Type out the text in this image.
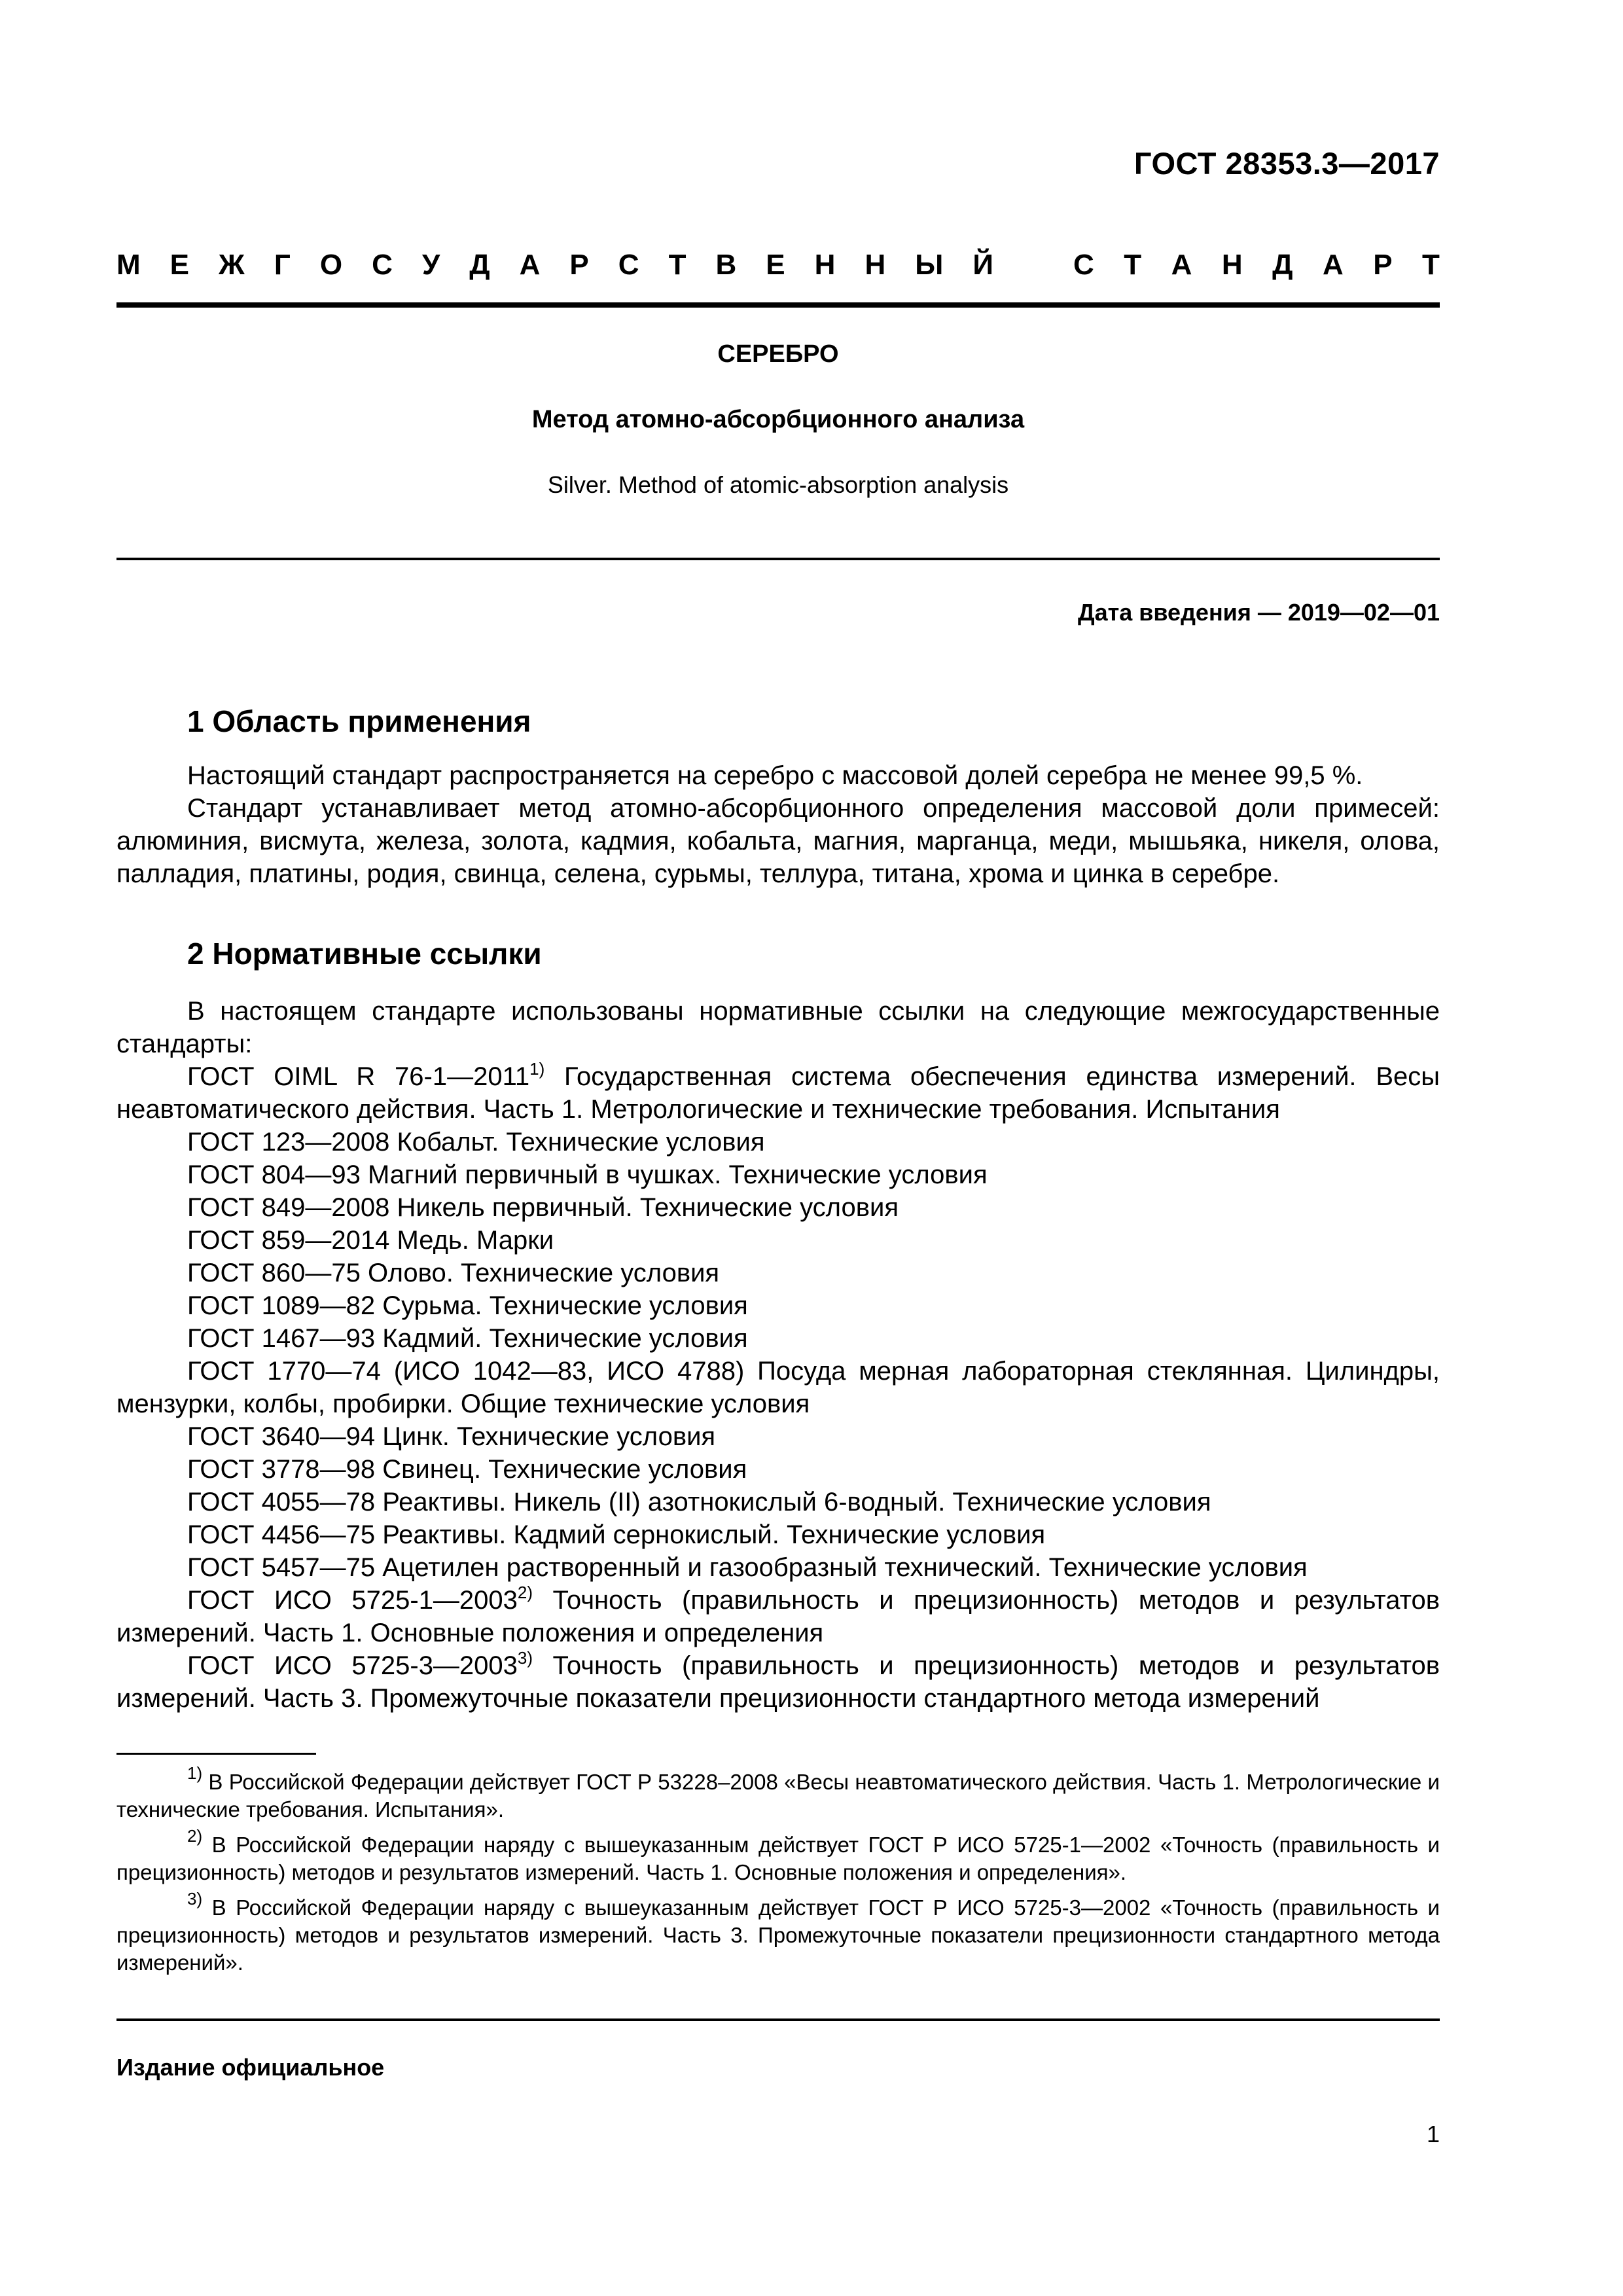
ГОСТ 28353.3—2017
М Е Ж Г О С У Д А Р С Т В Е Н Н Ы Й	С Т А Н Д А Р Т
СЕРЕБРО
Метод атомно-абсорбционного анализа
Silver. Method of atomic-absorption analysis
Дата введения — 2019—02—01
1 Область применения

Настоящий стандарт распространяется на серебро с массовой долей серебра не менее 99,5 %.

Стандарт устанавливает метод атомно-абсорбционного определения массовой доли примесей: алюминия, висмута, железа, золота, кадмия, кобальта, магния, марганца, меди, мышьяка, никеля, олова, палладия, платины, родия, свинца, селена, сурьмы, теллура, титана, хрома и цинка в серебре.

2 Нормативные ссылки

В настоящем стандарте использованы нормативные ссылки на следующие межгосударственные стандарты:

ГОСТ OIML R 76-1—2011$^{1)}$ Государственная система обеспечения единства измерений. Весы неавтоматического действия. Часть 1. Метрологические и технические требования. Испытания

ГОСТ 123—2008 Кобальт. Технические условия

ГОСТ 804—93 Магний первичный в чушках. Технические условия

ГОСТ 849—2008 Никель первичный. Технические условия

ГОСТ 859—2014 Медь. Марки

ГОСТ 860—75 Олово. Технические условия

ГОСТ 1089—82 Сурьма. Технические условия

ГОСТ 1467—93 Кадмий. Технические условия

ГОСТ 1770—74 (ИСО 1042—83, ИСО 4788) Посуда мерная лабораторная стеклянная. Цилиндры, мензурки, колбы, пробирки. Общие технические условия

ГОСТ 3640—94 Цинк. Технические условия

ГОСТ 3778—98 Свинец. Технические условия

ГОСТ 4055—78 Реактивы. Никель (II) азотнокислый 6-водный. Технические условия

ГОСТ 4456—75 Реактивы. Кадмий сернокислый. Технические условия

ГОСТ 5457—75 Ацетилен растворенный и газообразный технический. Технические условия

ГОСТ ИСО 5725-1—2003$^{2)}$ Точность (правильность и прецизионность) методов и результатов измерений. Часть 1. Основные положения и определения

ГОСТ ИСО 5725-3—2003$^{3)}$ Точность (правильность и прецизионность) методов и результатов измерений. Часть 3. Промежуточные показатели прецизионности стандартного метода измерений

$^{1)}$ В Российской Федерации действует ГОСТ Р 53228–2008 «Весы неавтоматического действия. Часть 1. Метрологические и технические требования. Испытания».

$^{2)}$ В Российской Федерации наряду с вышеуказанным действует ГОСТ Р ИСО 5725-1—2002 «Точность (правильность и прецизионность) методов и результатов измерений. Часть 1. Основные положения и определения».

$^{3)}$ В Российской Федерации наряду с вышеуказанным действует ГОСТ Р ИСО 5725-3—2002 «Точность (правильность и прецизионность) методов и результатов измерений. Часть 3. Промежуточные показатели прецизионности стандартного метода измерений».

Издание официальное
1
